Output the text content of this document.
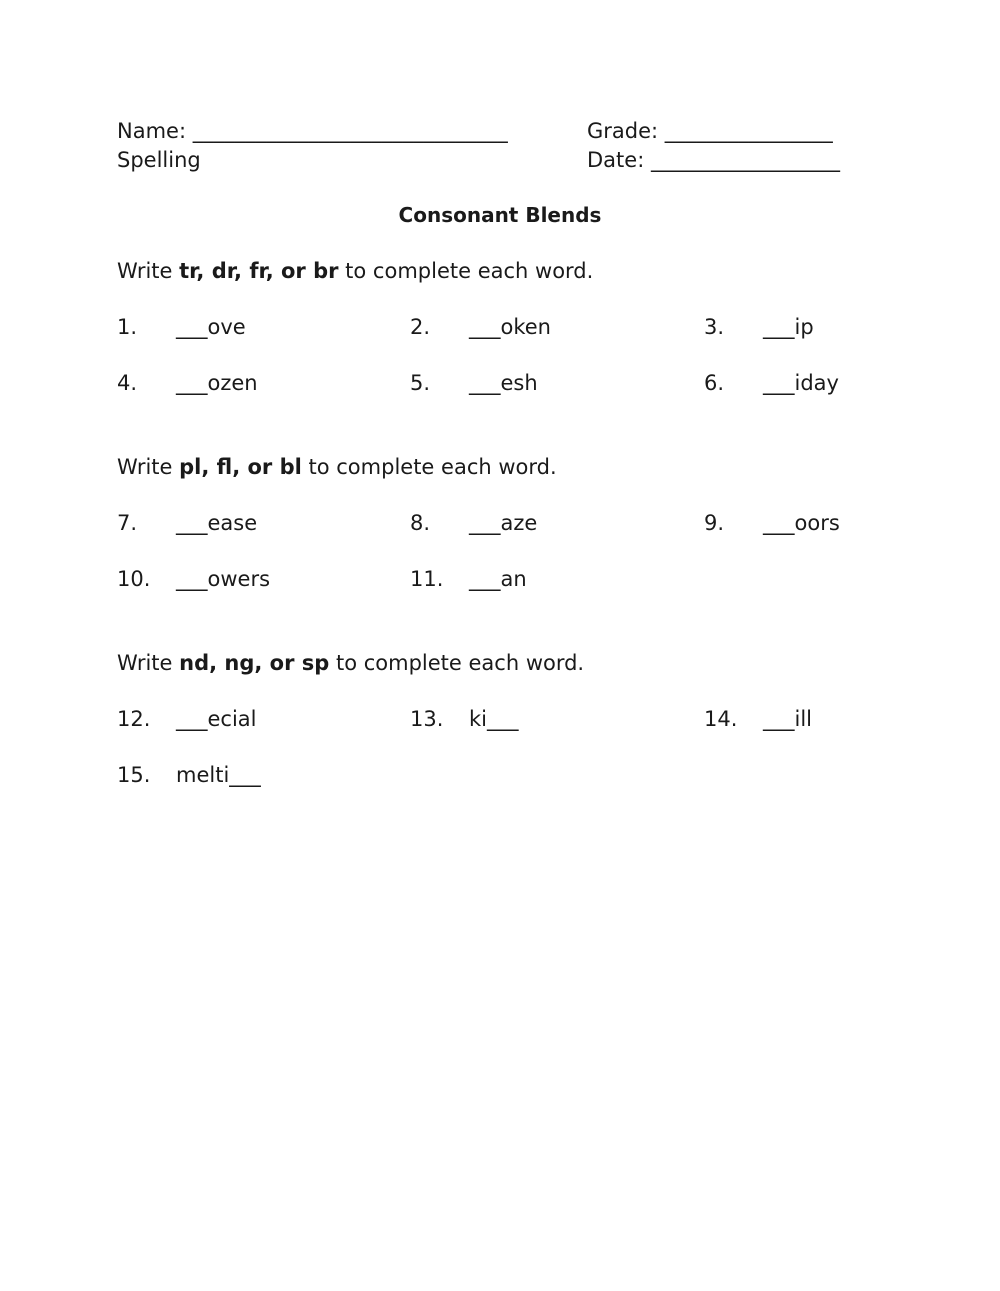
Name: ______________________________	Grade: ________________
Spelling	Date: __________________
Consonant Blends
Write tr, dr, fr, or br to complete each word.
1. ___ove	2. ___oken	3. ___ip
4. ___ozen	5. ___esh	6. ___iday
Write pl, fl, or bl to complete each word.
7. ___ease	8. ___aze	9. ___oors
10. ___owers	11. ___an
Write nd, ng, or sp to complete each word.
12. ___ecial	13. ki___	14. ___ill
15. melti___
